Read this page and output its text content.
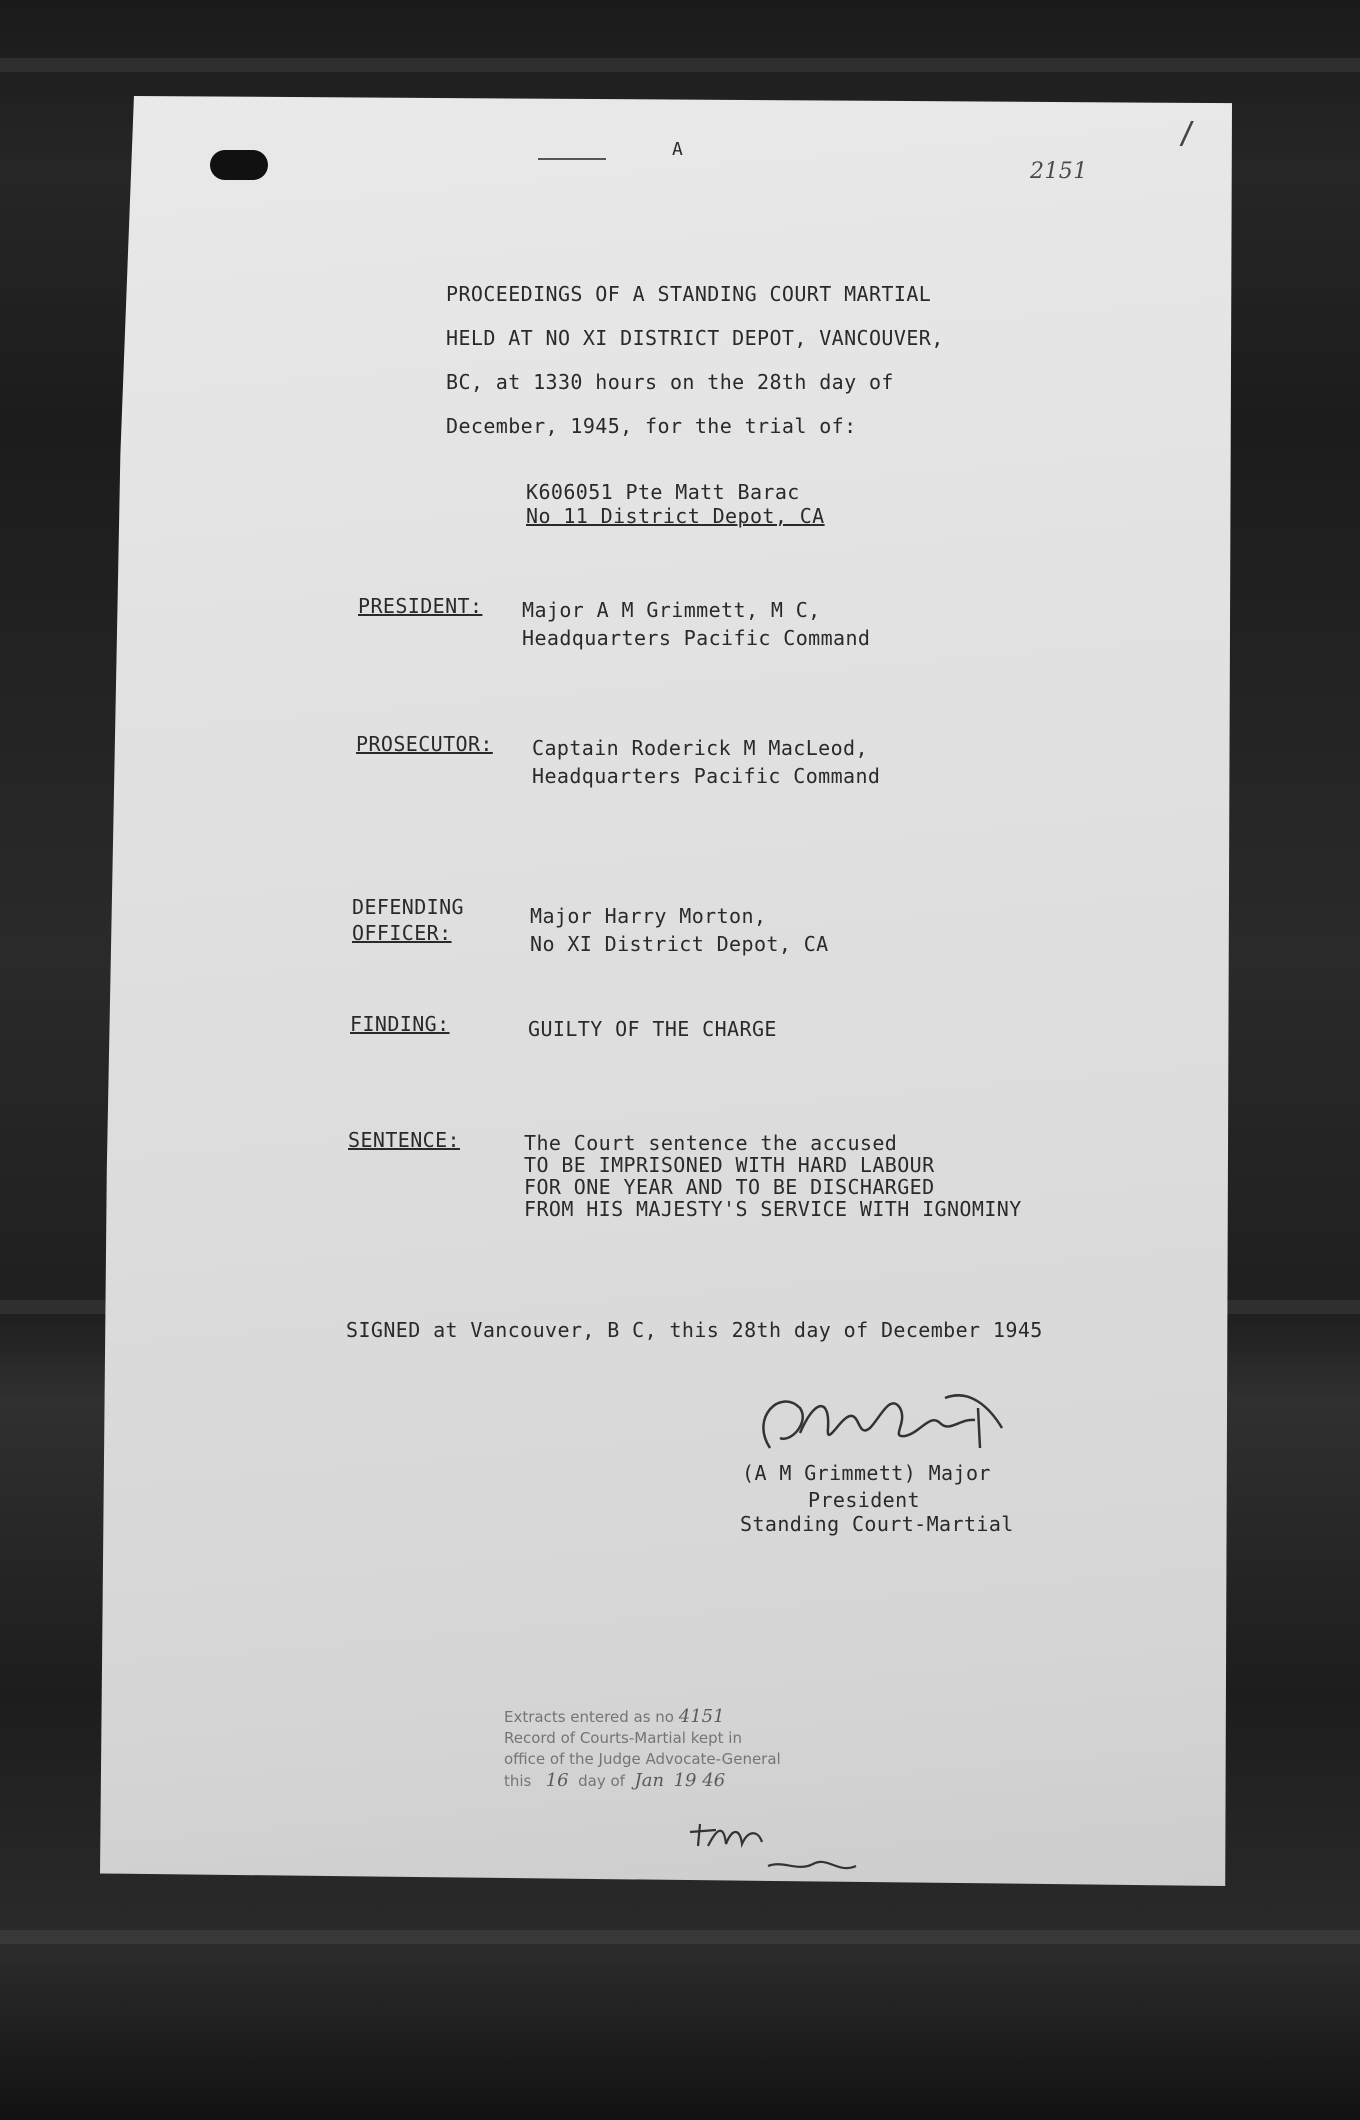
A
2151
/
PROCEEDINGS OF A STANDING COURT MARTIAL
HELD AT NO XI DISTRICT DEPOT, VANCOUVER,
BC, at 1330 hours on the 28th day of
December, 1945, for the trial of:
K606051 Pte Matt Barac
No 11 District Depot, CA
PRESIDENT: Major A M Grimmett, M C,
Headquarters Pacific Command
PROSECUTOR: Captain Roderick M MacLeod,
Headquarters Pacific Command
DEFENDING
OFFICER:
Major Harry Morton,
No XI District Depot, CA
FINDING:	GUILTY OF THE CHARGE
SENTENCE:	The Court sentence the accused
TO BE IMPRISONED WITH HARD LABOUR
FOR ONE YEAR AND TO BE DISCHARGED
FROM HIS MAJESTY'S SERVICE WITH IGNOMINY
SIGNED at Vancouver, B C, this 28th day of December 1945
(A M Grimmett) Major
President
Standing Court-Martial
Extracts entered as no 4151
Record of Courts-Martial kept in
office of the Judge Advocate-General
this 16 day of Jan 19 46
